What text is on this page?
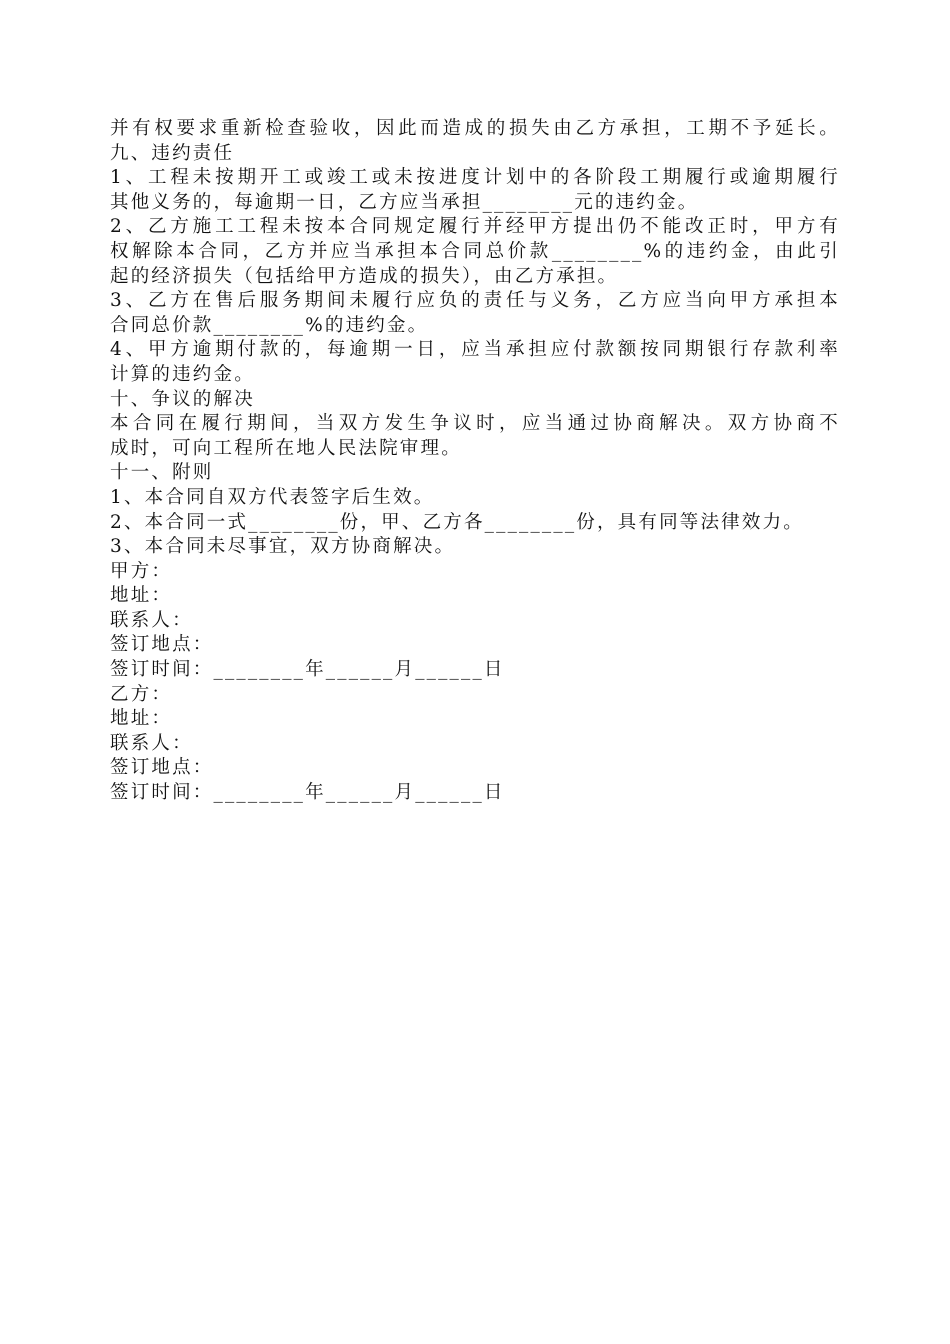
并有权要求重新检查验收，因此而造成的损失由乙方承担，工期不予延长。
九、违约责任
1、工程未按期开工或竣工或未按进度计划中的各阶段工期履行或逾期履行
其他义务的，每逾期一日，乙方应当承担________元的违约金。
2、乙方施工工程未按本合同规定履行并经甲方提出仍不能改正时，甲方有
权解除本合同，乙方并应当承担本合同总价款________%的违约金，由此引
起的经济损失（包括给甲方造成的损失），由乙方承担。
3、乙方在售后服务期间未履行应负的责任与义务，乙方应当向甲方承担本
合同总价款________%的违约金。
4、甲方逾期付款的，每逾期一日，应当承担应付款额按同期银行存款利率
计算的违约金。
十、争议的解决
本合同在履行期间，当双方发生争议时，应当通过协商解决。双方协商不
成时，可向工程所在地人民法院审理。
十一、附则
1、本合同自双方代表签字后生效。
2、本合同一式________份，甲、乙方各________份，具有同等法律效力。
3、本合同未尽事宜，双方协商解决。
甲方：
地址：
联系人：
签订地点：
签订时间：________年______月______日
乙方：
地址：
联系人：
签订地点：
签订时间：________年______月______日
